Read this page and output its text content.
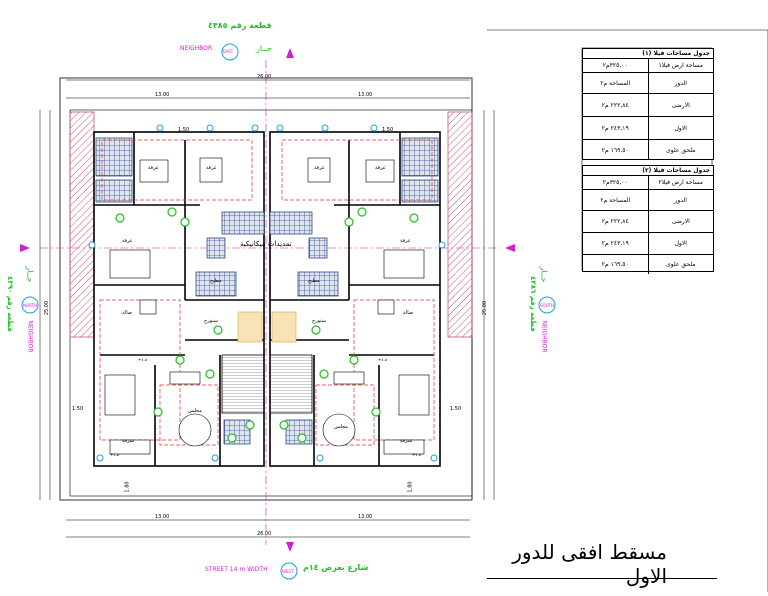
قطعة رقم ٤٣٨٥
NEIGHBOR	جــار
EAST
قطعة رقم ٤٣٩٠
جــار
NEIGHBOR
NORTH
قطعة رقم ٤٣٨٦
جــار
NEIGHBOR
SOUTH
STREET 14 m WIDTH	شارع بعرض ١٤م
WEST
26.00
13.00	13.00
13.00	13.00
26.00
25.00	25.00
1.50	1.50
1.50	1.50
1.80	1.80
غرفة	غرفة
غرفة
صالة
مجلس
مطبخ
ستورج
شرفة
تمديدات ميكانيكية
غرفة	غرفة
غرفة
صالة
مجلس
مطبخ
ستورج
شرفة
+٤.٥٠
+٤.٥٠
+٤.٥٠
+٤.٥٠
جدول مساحات فيلا (١)
٣٢٥,٠٠م٢	مساحة ارض فيلا١
المساحة م٢	الدور
٢٢٢,٨٤ م٢	الارضى
٢٤٣,١٩ م٢	الاول
١٦٩,٥٠ م٢	ملحق علوى
جدول مساحات فيلا (٢)
٣٢٥,٠٠م٢	مساحة ارض فيلا٢
المساحة م٢	الدور
٢٢٢,٨٤ م٢	الارضى
٢٤٣,١٩ م٢	الاول
١٦٩,٥٠ م٢	ملحق علوى
مسقط افقى للدور الاول
